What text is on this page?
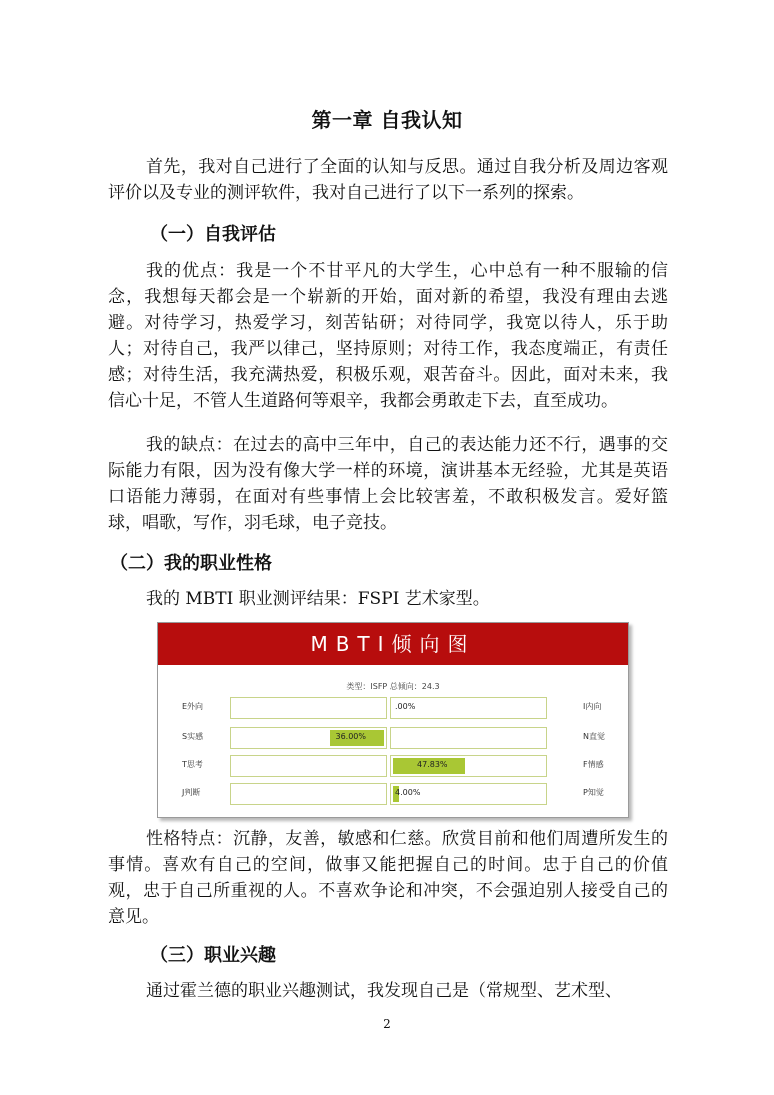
第一章 自我认知

首先，我对自己进行了全面的认知与反思。通过自我分析及周边客观评价以及专业的测评软件，我对自己进行了以下一系列的探索。

（一）自我评估

我的优点：我是一个不甘平凡的大学生，心中总有一种不服输的信念，我想每天都会是一个崭新的开始，面对新的希望，我没有理由去逃避。对待学习，热爱学习，刻苦钻研；对待同学，我宽以待人，乐于助人；对待自己，我严以律己，坚持原则；对待工作，我态度端正，有责任感；对待生活，我充满热爱，积极乐观，艰苦奋斗。因此，面对未来，我信心十足，不管人生道路何等艰辛，我都会勇敢走下去，直至成功。

我的缺点：在过去的高中三年中，自己的表达能力还不行，遇事的交际能力有限，因为没有像大学一样的环境，演讲基本无经验，尤其是英语口语能力薄弱，在面对有些事情上会比较害羞，不敢积极发言。爱好篮球，唱歌，写作，羽毛球，电子竞技。

（二）我的职业性格

我的 MBTI 职业测评结果：FSPI 艺术家型。

MBTI倾向图
类型：ISFP 总倾向：24.3
E外向	.00%	I内向
S实感	36.00%	N直觉
T思考	47.83%	F情感
J判断	4.00%	P知觉

性格特点：沉静，友善，敏感和仁慈。欣赏目前和他们周遭所发生的事情。喜欢有自己的空间，做事又能把握自己的时间。忠于自己的价值观，忠于自己所重视的人。不喜欢争论和冲突，不会强迫别人接受自己的意见。

（三）职业兴趣

通过霍兰德的职业兴趣测试，我发现自己是（常规型、艺术型、

2
